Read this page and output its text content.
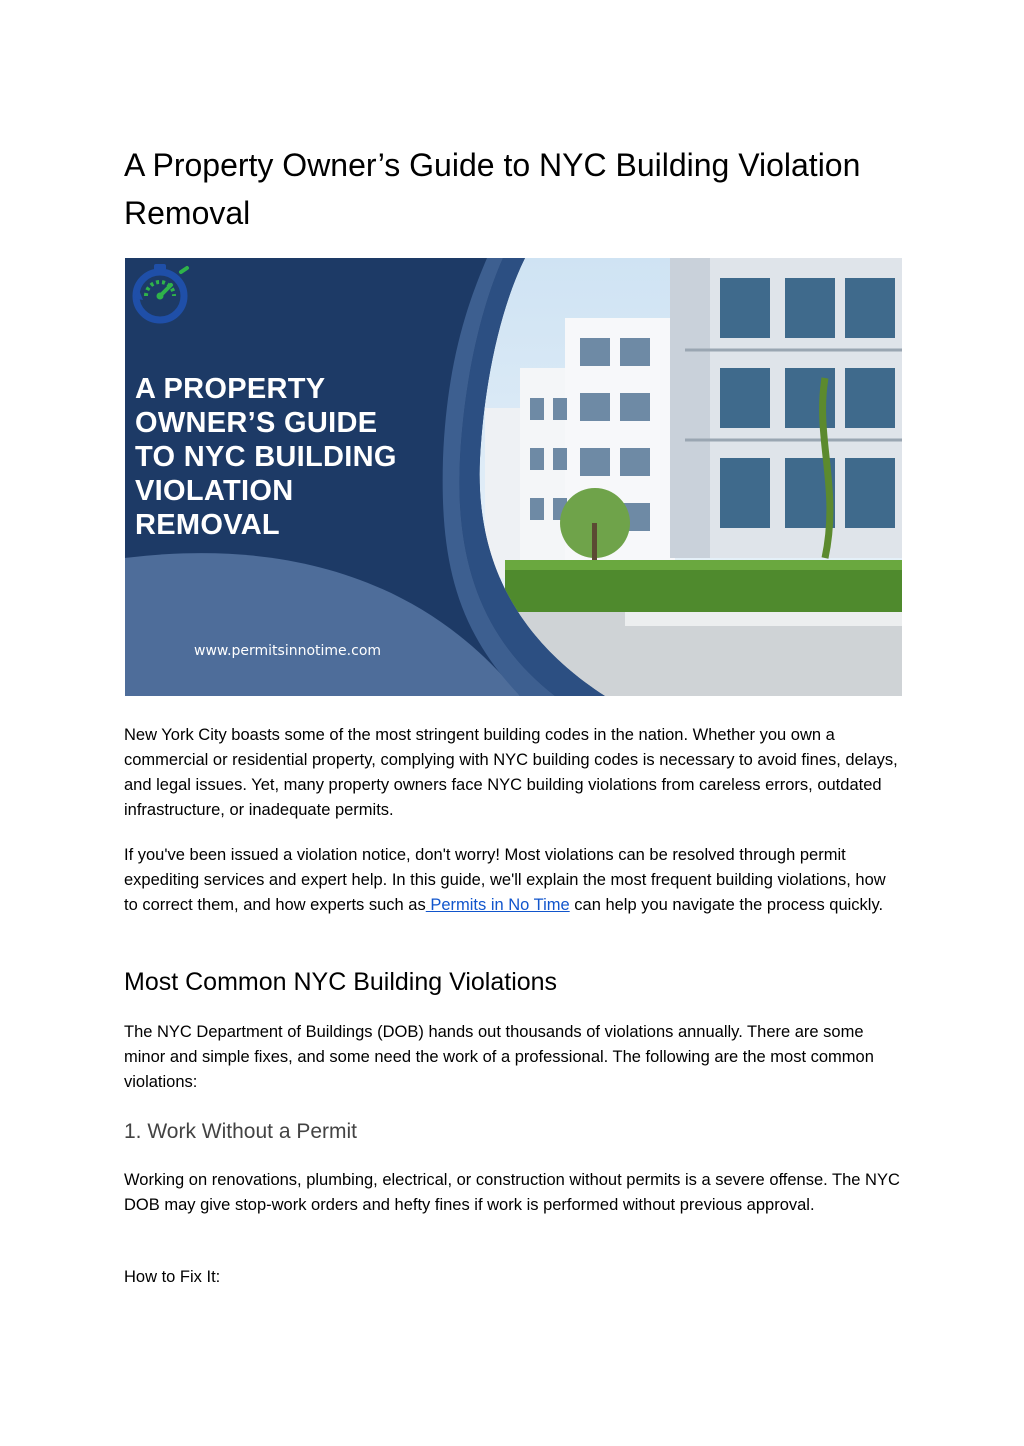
A Property Owner’s Guide to NYC Building Violation Removal
A PROPERTY
OWNER’S GUIDE
TO NYC BUILDING
VIOLATION
REMOVAL
www.permitsinnotime.com

New York City boasts some of the most stringent building codes in the nation. Whether you own a commercial or residential property, complying with NYC building codes is necessary to avoid fines, delays, and legal issues. Yet, many property owners face NYC building violations from careless errors, outdated infrastructure, or inadequate permits.

If you've been issued a violation notice, don't worry! Most violations can be resolved through permit expediting services and expert help. In this guide, we'll explain the most frequent building violations, how to correct them, and how experts such as Permits in No Time can help you navigate the process quickly.

Most Common NYC Building Violations

The NYC Department of Buildings (DOB) hands out thousands of violations annually. There are some minor and simple fixes, and some need the work of a professional. The following are the most common violations:

1. Work Without a Permit

Working on renovations, plumbing, electrical, or construction without permits is a severe offense. The NYC DOB may give stop-work orders and hefty fines if work is performed without previous approval.

How to Fix It:
